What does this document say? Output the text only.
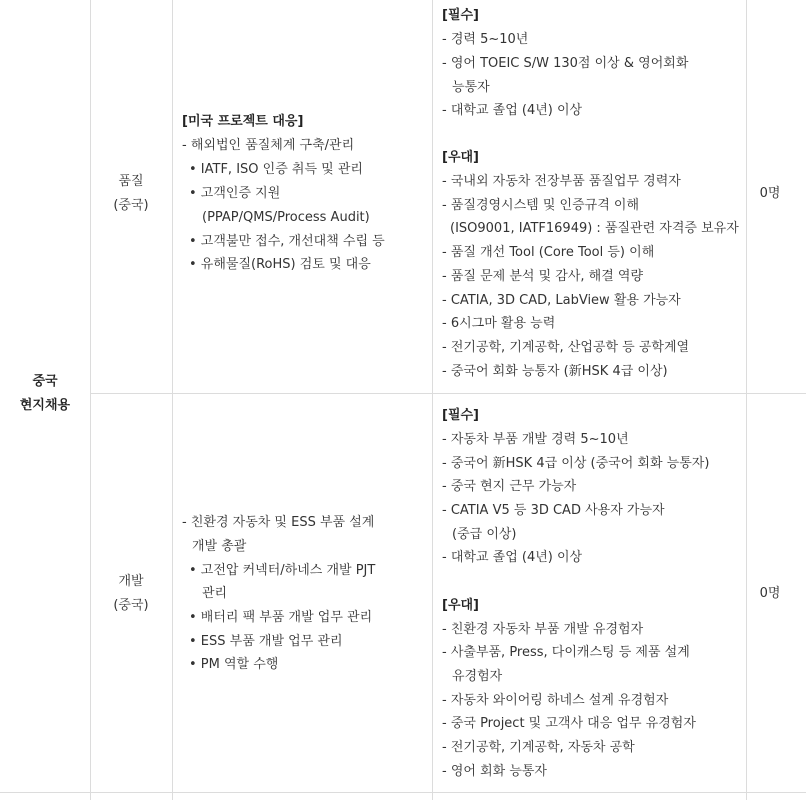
중국
현지채용
품질
(중국)
[미국 프로젝트 대응]
- 해외법인 품질체계 구축/관리
• IATF, ISO 인증 취득 및 관리
• 고객인증 지원
(PPAP/QMS/Process Audit)
• 고객불만 접수, 개선대책 수립 등
• 유해물질(RoHS) 검토 및 대응
[필수]
- 경력 5~10년
- 영어 TOEIC S/W 130점 이상 & 영어회화
능통자
- 대학교 졸업 (4년) 이상
[우대]
- 국내외 자동차 전장부품 품질업무 경력자
- 품질경영시스템 및 인증규격 이해
(ISO9001, IATF16949) : 품질관련 자격증 보유자
- 품질 개선 Tool (Core Tool 등) 이해
- 품질 문제 분석 및 감사, 해결 역량
- CATIA, 3D CAD, LabView 활용 가능자
- 6시그마 활용 능력
- 전기공학, 기계공학, 산업공학 등 공학계열
- 중국어 회화 능통자 (新HSK 4급 이상)
0명
개발
(중국)
- 친환경 자동차 및 ESS 부품 설계
개발 총괄
• 고전압 커넥터/하네스 개발 PJT
관리
• 배터리 팩 부품 개발 업무 관리
• ESS 부품 개발 업무 관리
• PM 역할 수행
[필수]
- 자동차 부품 개발 경력 5~10년
- 중국어 新HSK 4급 이상 (중국어 회화 능통자)
- 중국 현지 근무 가능자
- CATIA V5 등 3D CAD 사용자 가능자
(중급 이상)
- 대학교 졸업 (4년) 이상
[우대]
- 친환경 자동차 부품 개발 유경험자
- 사출부품, Press, 다이캐스팅 등 제품 설계
유경험자
- 자동차 와이어링 하네스 설계 유경험자
- 중국 Project 및 고객사 대응 업무 유경험자
- 전기공학, 기계공학, 자동차 공학
- 영어 회화 능통자
0명
